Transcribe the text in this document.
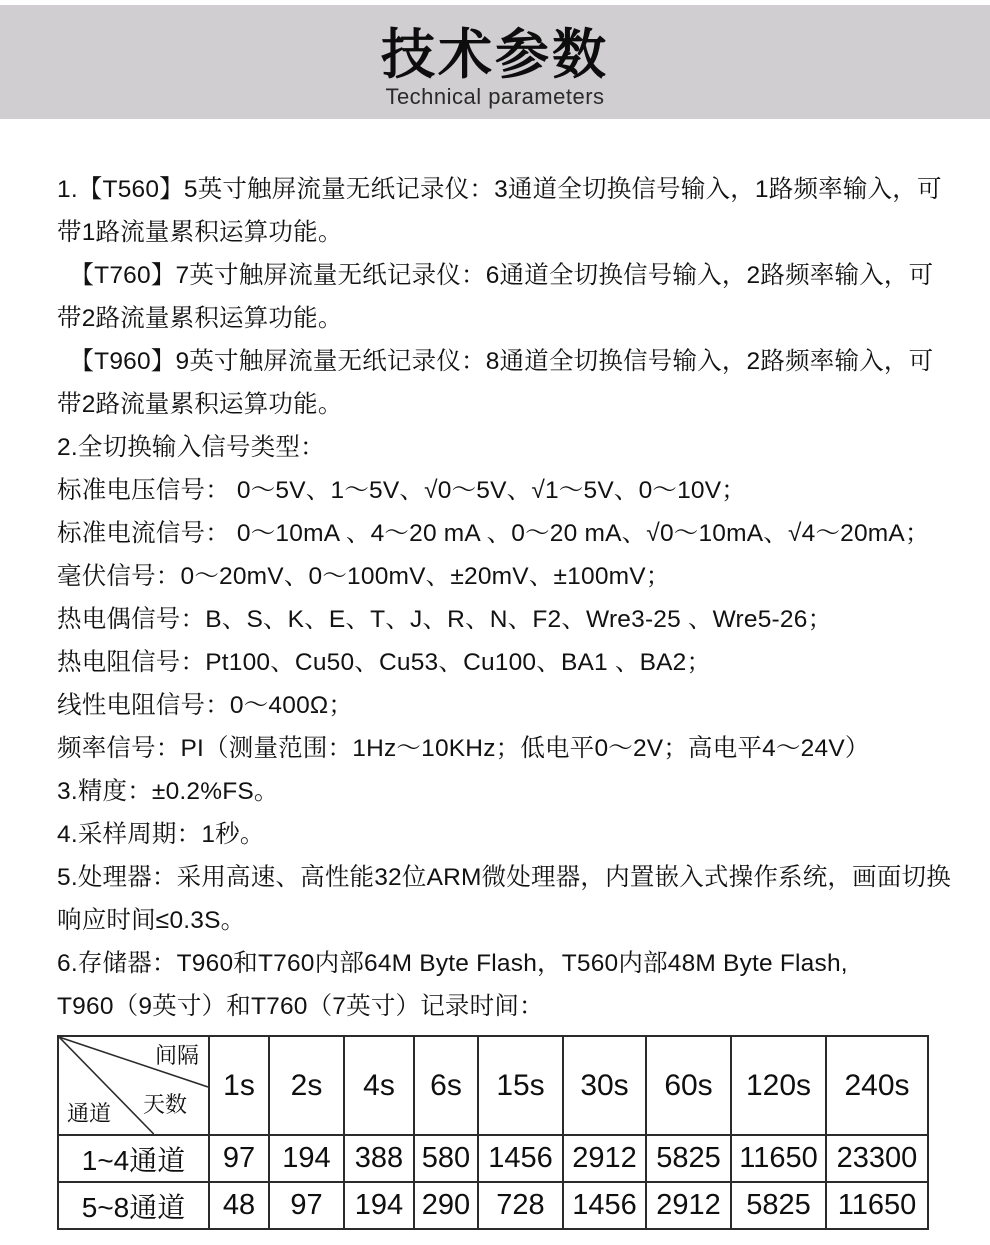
技术参数
Technical parameters
1.【T560】5英寸触屏流量无纸记录仪：3通道全切换信号输入，1路频率输入，可
带1路流量累积运算功能。
　【T760】7英寸触屏流量无纸记录仪：6通道全切换信号输入，2路频率输入，可
带2路流量累积运算功能。
　【T960】9英寸触屏流量无纸记录仪：8通道全切换信号输入，2路频率输入，可
带2路流量累积运算功能。
2.全切换输入信号类型：
标准电压信号： 0～5V、1～5V、√0～5V、√1～5V、0～10V；
标准电流信号： 0～10mA 、4～20 mA 、0～20 mA、√0～10mA、√4～20mA；
毫伏信号：0～20mV、0～100mV、±20mV、±100mV；
热电偶信号：B、S、K、E、T、J、R、N、F2、Wre3-25 、Wre5-26；
热电阻信号：Pt100、Cu50、Cu53、Cu100、BA1 、BA2；
线性电阻信号：0～400Ω；
频率信号：PI（测量范围：1Hz～10KHz；低电平0～2V；高电平4～24V）
3.精度：±0.2%FS。
4.采样周期：1秒。
5.处理器：采用高速、高性能32位ARM微处理器，内置嵌入式操作系统，画面切换
响应时间≤0.3S。
6.存储器：T960和T760内部64M Byte Flash，T560内部48M Byte Flash,
T960（9英寸）和T760（7英寸）记录时间：
间隔
天数
通道	1s	2s	4s	6s	15s	30s	60s	120s	240s
1~4通道	97	194	388	580	1456	2912	5825	11650	23300
5~8通道	48	97	194	290	728	1456	2912	5825	11650
